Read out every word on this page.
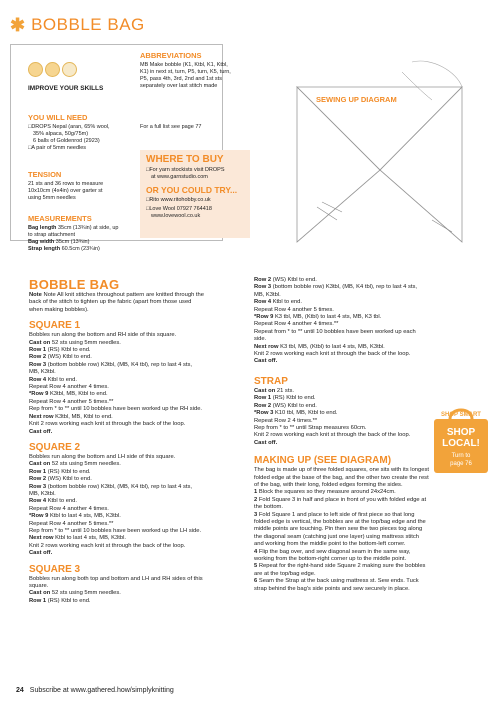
✱ BOBBLE BAG
IMPROVE YOUR SKILLS
YOU WILL NEED
□DROPS Nepal (aran, 65% wool,
35% alpaca, 50g/75m)
6 balls of Goldenrod (2923)
□A pair of 5mm needles
TENSION
21 sts and 36 rows to measure
10x10cm (4x4in) over garter st
using 5mm needles
MEASUREMENTS
Bag length 35cm (13¾in) at side, up
to strap attachment
Bag width 35cm (13¾in)
Strap length 60.5cm (23¾in)
ABBREVIATIONS
MB Make bobble (K1, Ktbl, K1, Ktbl,
K1) in next st, turn, P5, turn, K5, turn,
P5, pass 4th, 3rd, 2nd and 1st sts
separately over last stitch made
For a full list see page 77
WHERE TO BUY
□For yarn stockists visit DROPS
at www.garnstudio.com
OR YOU COULD TRY...
□Rito www.ritohobby.co.uk
□Love Wool 07927 764418
www.lovewool.co.uk
SEWING UP DIAGRAM
BOBBLE BAG

Note Note All knit stitches throughout pattern are knitted through the

back of the stitch to tighten up the fabric (apart from those used

when making bobbles).

SQUARE 1

Bobbles run along the bottom and RH side of this square.

Cast on 52 sts using 5mm needles.

Row 1 (RS) Ktbl to end.

Row 2 (WS) Ktbl to end.

Row 3 (bottom bobble row) K3tbl, (MB, K4 tbl), rep to last 4 sts,

MB, K3tbl.

Row 4 Ktbl to end.

Repeat Row 4 another 4 times.

*Row 9 K3tbl, MB, Ktbl to end.

Repeat Row 4 another 5 times.**

Rep from * to ** until 10 bobbles have been worked up the RH side.

Next row K3tbl, MB, Ktbl to end.

Knit 2 rows working each knit st through the back of the loop.

Cast off.

SQUARE 2

Bobbles run along the bottom and LH side of this square.

Cast on 52 sts using 5mm needles.

Row 1 (RS) Ktbl to end.

Row 2 (WS) Ktbl to end.

Row 3 (bottom bobble row) K3tbl, (MB, K4 tbl), rep to last 4 sts,

MB, K3tbl.

Row 4 Ktbl to end.

Repeat Row 4 another 4 times.

*Row 9 Ktbl to last 4 sts, MB, K3tbl.

Repeat Row 4 another 5 times.**

Rep from * to ** until 10 bobbles have been worked up the LH side.

Next row Ktbl to last 4 sts, MB, K3tbl.

Knit 2 rows working each knit st through the back of the loop.

Cast off.

SQUARE 3

Bobbles run along both top and bottom and LH and RH sides of this

square.

Cast on 52 sts using 5mm needles.

Row 1 (RS) Ktbl to end.

Row 2 (WS) Ktbl to end.

Row 3 (bottom bobble row) K3tbl, (MB, K4 tbl), rep to last 4 sts,

MB, K3tbl.

Row 4 Ktbl to end.

Repeat Row 4 another 5 times.

*Row 9 K3 tbl, MB, (Ktbl) to last 4 sts, MB, K3 tbl.

Repeat Row 4 another 4 times.**

Repeat from * to ** until 10 bobbles have been worked up each

side.

Next row K3 tbl, MB, (Ktbl) to last 4 sts, MB, K3tbl.

Knit 2 rows working each knit st through the back of the loop.

Cast off.

STRAP

Cast on 21 sts.

Row 1 (RS) Ktbl to end.

Row 2 (WS) Ktbl to end.

*Row 3 K10 tbl, MB, Ktbl to end.

Repeat Row 2 4 times.**

Rep from * to ** until Strap measures 60cm.

Knit 2 rows working each knit st through the back of the loop.

Cast off.

MAKING UP (SEE DIAGRAM)

The bag is made up of three folded squares, one sits with its longest

folded edge at the base of the bag, and the other two create the rest

of the bag, with their long, folded edges forming the sides.

1 Block the squares so they measure around 24x24cm.

2 Fold Square 3 in half and place in front of you with folded edge at

the bottom.

3 Fold Square 1 and place to left side of first piece so that long

folded edge is vertical, the bobbles are at the top/bag edge and the

middle points are touching. Pin then sew the two pieces tog along

the diagonal seam (catching just one layer) using mattress stitch

and working from the middle point to the bottom-left corner.

4 Flip the bag over, and sew diagonal seam in the same way,

working from the bottom-right corner up to the middle point.

5 Repeat for the right-hand side Square 2 making sure the bobbles

are at the top/bag edge.

6 Seam the Strap at the back using mattress st. Sew ends. Tuck

strap behind the bag's side points and sew securely in place.

SHOP SMART
SHOP
LOCAL!
Turn to
page 76
24 Subscribe at www.gathered.how/simplyknitting
